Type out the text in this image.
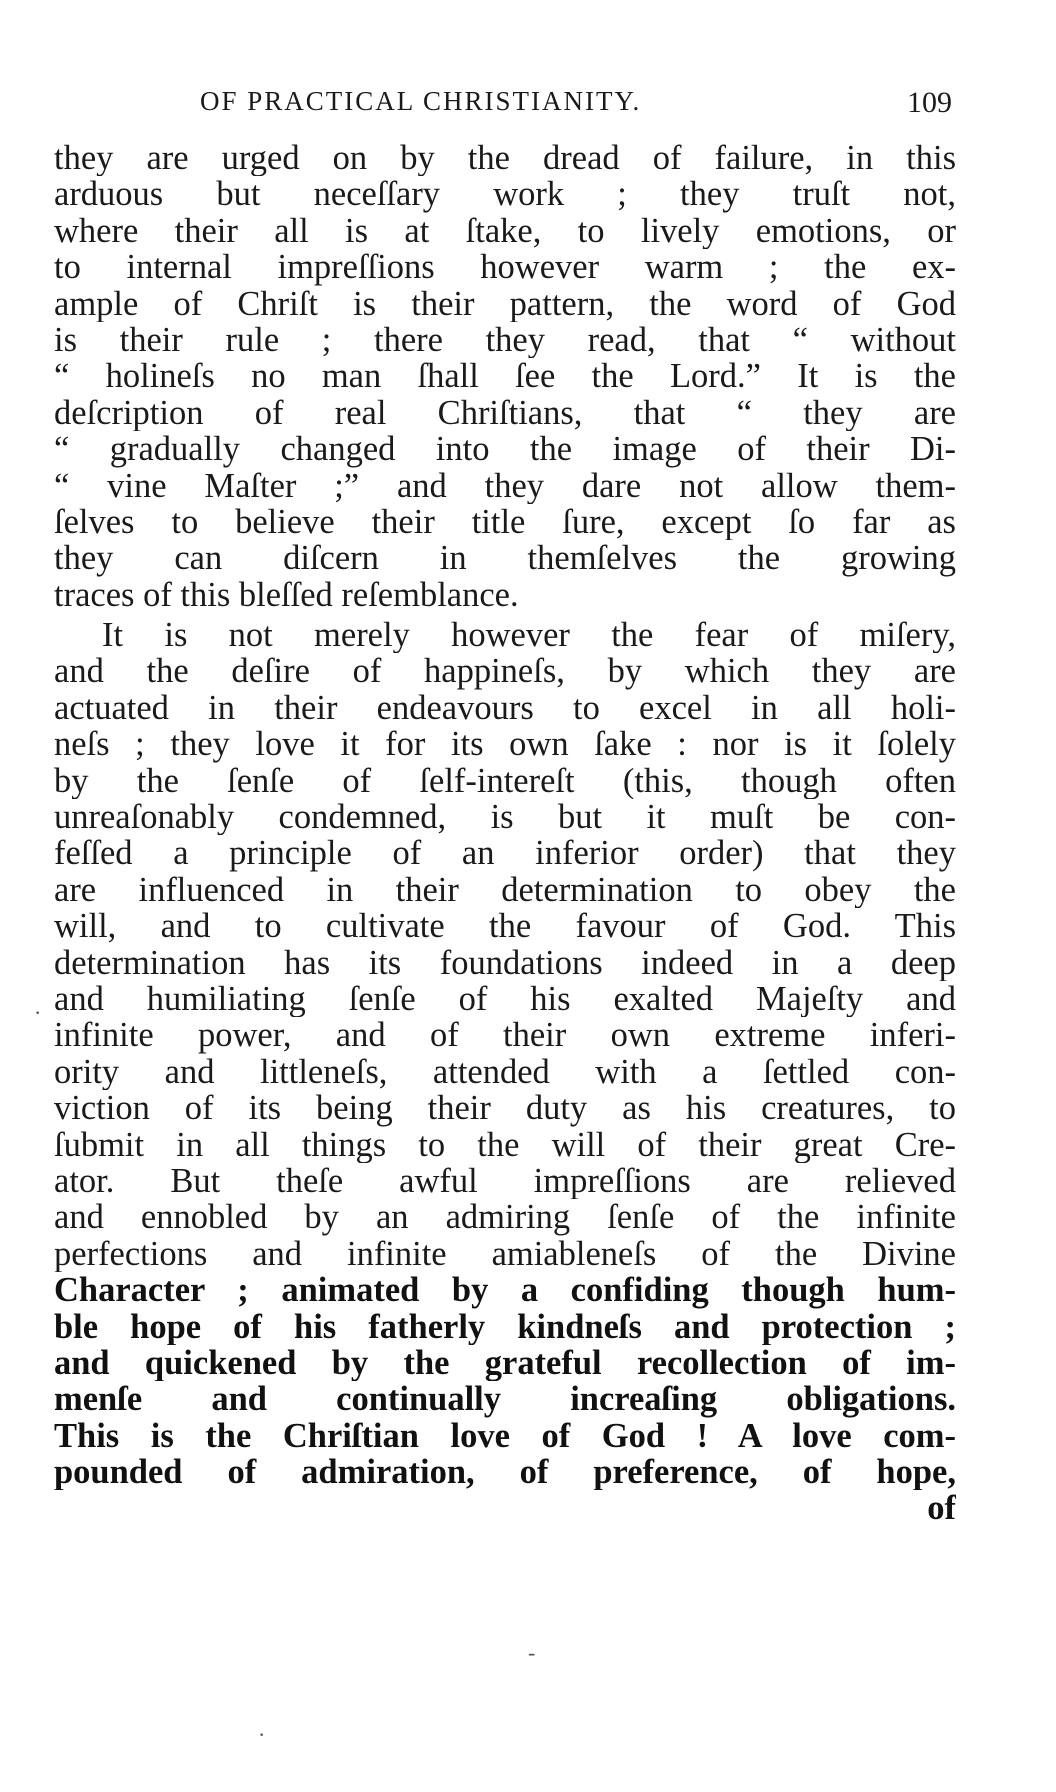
OF PRACTICAL CHRISTIANITY.	109
they are urged on by the dread of failure, in this
arduous but neceſſary work ; they truſt not,
where their all is at ſtake, to lively emotions, or
to internal impreſſions however warm ; the ex-
ample of Chriſt is their pattern, the word of God
is their rule ; there they read, that “ without
“ holineſs no man ſhall ſee the Lord.” It is the
deſcription of real Chriſtians, that “ they are
“ gradually changed into the image of their Di-
“ vine Maſter ;” and they dare not allow them-
ſelves to believe their title ſure, except ſo far as
they can diſcern in themſelves the growing
traces of this bleſſed reſemblance.
It is not merely however the fear of miſery,
and the deſire of happineſs, by which they are
actuated in their endeavours to excel in all holi-
neſs ; they love it for its own ſake : nor is it ſolely
by the ſenſe of ſelf-intereſt (this, though often
unreaſonably condemned, is but it muſt be con-
feſſed a principle of an inferior order) that they
are influenced in their determination to obey the
will, and to cultivate the favour of God. This
determination has its foundations indeed in a deep
and humiliating ſenſe of his exalted Majeſty and
infinite power, and of their own extreme inferi-
ority and littleneſs, attended with a ſettled con-
viction of its being their duty as his creatures, to
ſubmit in all things to the will of their great Cre-
ator. But theſe awful impreſſions are relieved
and ennobled by an admiring ſenſe of the infinite
perfections and infinite amiableneſs of the Divine
Character ; animated by a confiding though hum-
ble hope of his fatherly kindneſs and protection ;
and quickened by the grateful recollection of im-
menſe and continually increaſing obligations.
This is the Chriſtian love of God ! A love com-
pounded of admiration, of preference, of hope,
of
·
-
·
